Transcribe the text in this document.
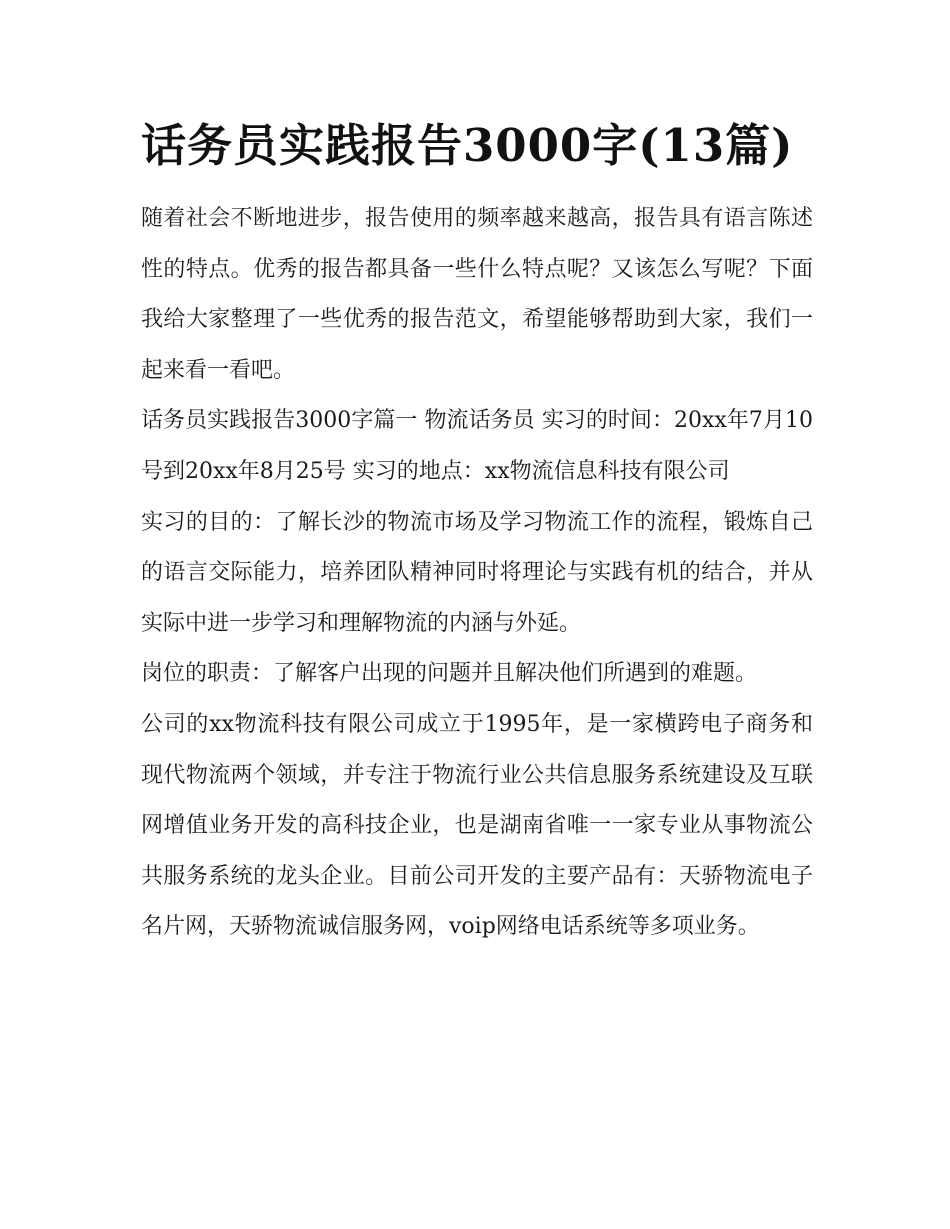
话务员实践报告3000字(13篇)

随着社会不断地进步，报告使用的频率越来越高，报告具有语言陈述性的特点。优秀的报告都具备一些什么特点呢？又该怎么写呢？下面我给大家整理了一些优秀的报告范文，希望能够帮助到大家，我们一起来看一看吧。

话务员实践报告3000字篇一 物流话务员 实习的时间：20xx年7月10号到20xx年8月25号 实习的地点：xx物流信息科技有限公司

实习的目的：了解长沙的物流市场及学习物流工作的流程，锻炼自己的语言交际能力，培养团队精神同时将理论与实践有机的结合，并从实际中进一步学习和理解物流的内涵与外延。

岗位的职责：了解客户出现的问题并且解决他们所遇到的难题。

公司的xx物流科技有限公司成立于1995年，是一家横跨电子商务和现代物流两个领域，并专注于物流行业公共信息服务系统建设及互联网增值业务开发的高科技企业，也是湖南省唯一一家专业从事物流公共服务系统的龙头企业。目前公司开发的主要产品有：天骄物流电子名片网，天骄物流诚信服务网，voip网络电话系统等多项业务。
